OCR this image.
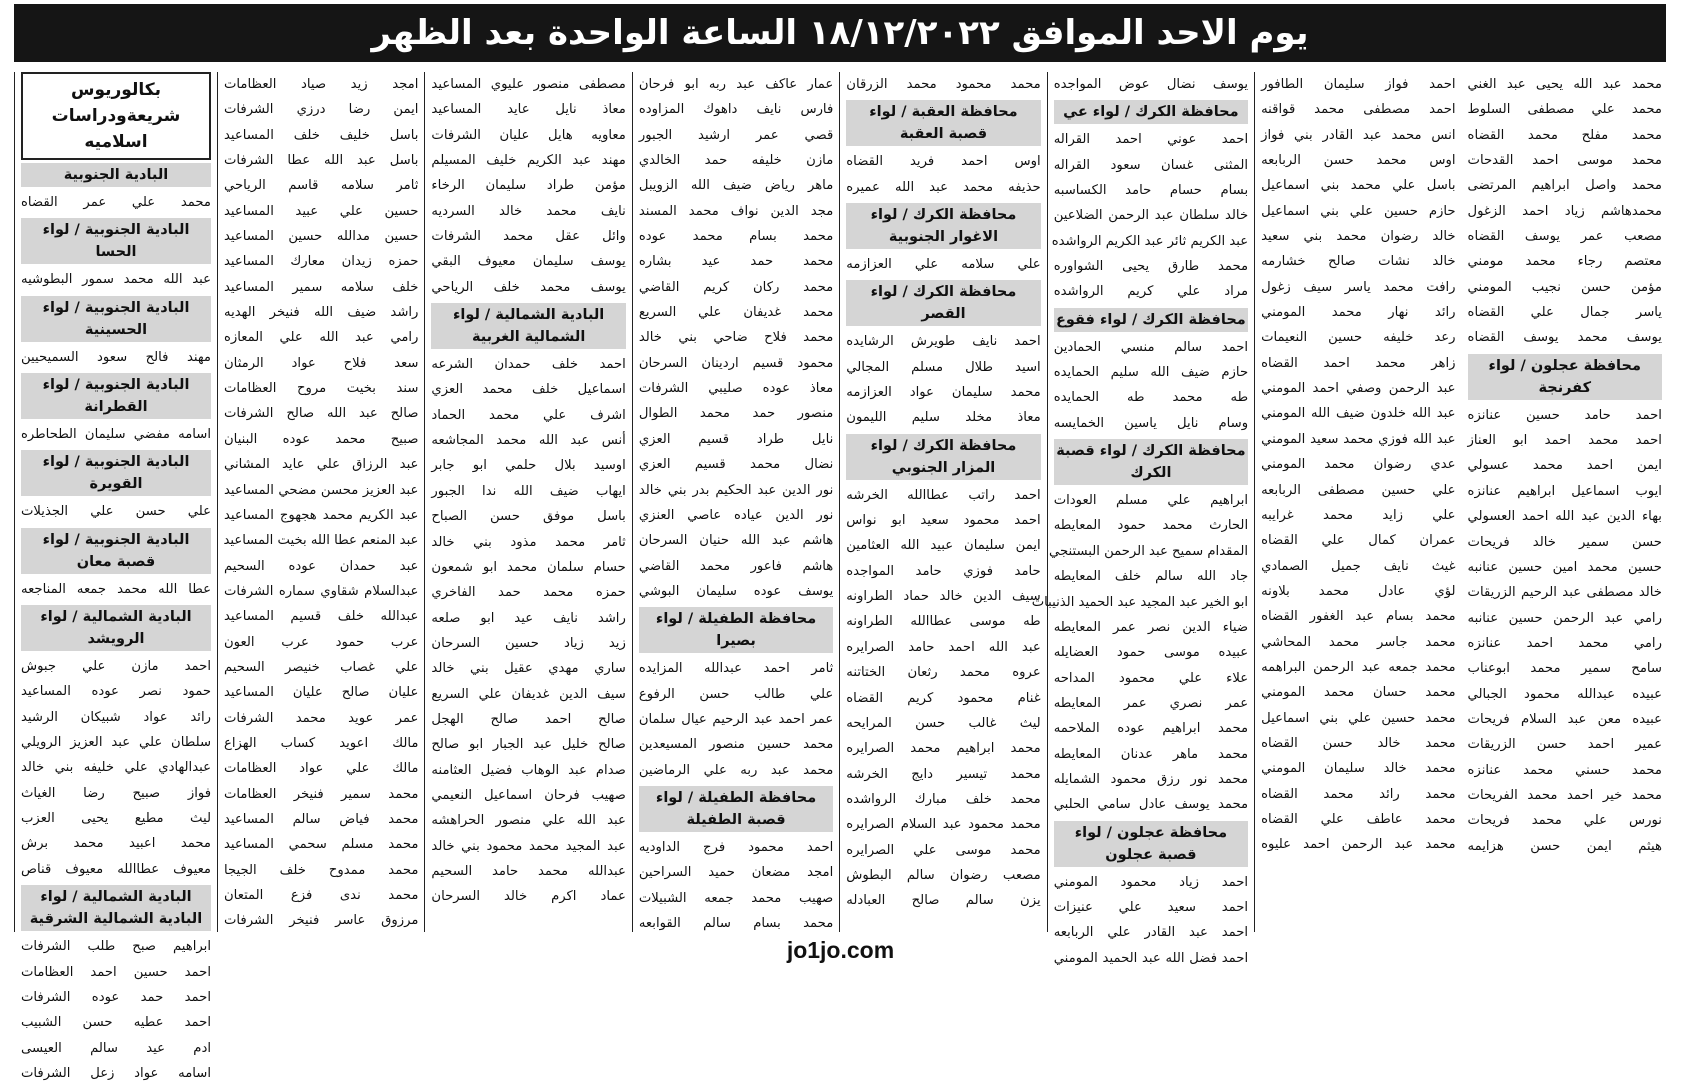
يوم الاحد الموافق ١٨/١٢/٢٠٢٢ الساعة الواحدة بعد الظهر
بكالوريوس شريعةودراسات اسلاميه
البادية الجنوبية
محمد علي عمر القضاه
البادية الجنوبية / لواء الحسا
عبد الله محمد سمور البطوشيه
البادية الجنوبية / لواء الحسينية
مهند فالح سعود السميحيين
البادية الجنوبية / لواء القطرانة
اسامه مفضي سليمان الطحاطره
البادية الجنوبية / لواء القويرة
علي حسن علي الجذيلات
البادية الجنوبية / لواء قصبة معان
عطا الله محمد جمعه المناجعه
البادية الشمالية / لواء الرويشد
احمد مازن علي جبوش
حمود نصر عوده المساعيد
رائد عواد شبيكان الرشيد
سلطان علي عبد العزيز الرويلي
عبدالهادي علي خليفه بني خالد
فواز صبيح رضا الغياث
ليث مطيع يحيى العزب
محمد اعبيد محمد برش
معيوف عطاالله معيوف قناص
البادية الشمالية / لواء البادية الشمالية الشرقية
ابراهيم صبح طلب الشرفات
احمد حسين احمد العظامات
احمد حمد عوده الشرفات
احمد عطيه حسن الشبيب
ادم عيد سالم العيسى
اسامه عواد زعل الشرفات
امجد زيد صياد العظامات
ايمن رضا درزي الشرفات
باسل خليف خلف المساعيد
باسل عبد الله عطا الشرفات
ثامر سلامه قاسم الرياحي
حسين علي عبيد المساعيد
حسين مدالله حسين المساعيد
حمزه زيدان معارك المساعيد
خلف سلامه سمير المساعيد
راشد ضيف الله فنيخر الهديه
رامي عبد الله علي المعازه
سعد فلاح عواد الرمثان
سند بخيت مروح العظامات
صالح عبد الله صالح الشرفات
صبيح محمد عوده البنيان
عبد الرزاق علي عايد المشاني
عبد العزيز محسن مضحي المساعيد
عبد الكريم محمد هجهوج المساعيد
عبد المنعم عطا الله بخيت المساعيد
عبد حمدان عوده السحيم
عبدالسلام شقاوي سماره الشرفات
عبدالله خلف قسيم المساعيد
عرب حمود عرب العون
علي غصاب خنيصر السحيم
عليان صالح عليان المساعيد
عمر عويد محمد الشرفات
مالك اعويد كساب الهزاع
مالك علي عواد العظامات
محمد سمير فنيخر العظامات
محمد فياض سالم المساعيد
محمد مسلم سحمي المساعيد
محمد ممدوح خلف الجيجا
محمد ندى فزع المتعان
مرزوق عاسر فنيخر الشرفات
مصطفى منصور عليوي المساعيد
معاذ نايل عايد المساعيد
معاويه هايل عليان الشرفات
مهند عبد الكريم خليف المسيلم
مؤمن طراد سليمان الرخاء
نايف محمد خالد السرديه
وائل عقل محمد الشرفات
يوسف سليمان معيوف البقي
يوسف محمد خلف الرياحي
البادية الشمالية / لواء الشمالية الغربية
احمد خلف حمدان الشرعه
اسماعيل خلف محمد العزي
اشرف علي محمد الحماد
أنس عبد الله محمد المجاشعه
اوسيد بلال حلمي ابو جابر
ايهاب ضيف الله ندا الجبور
باسل موفق حسن الصباح
ثامر محمد مذود بني خالد
حسام سلمان محمد ابو شمعون
حمزه محمد حمد الفاخري
راشد نايف عيد ابو صلعه
زيد زياد حسين السرحان
ساري مهدي عقيل بني خالد
سيف الدين غديفان علي السريع
صالح احمد صالح الهجل
صالح خليل عبد الجبار ابو صالح
صدام عبد الوهاب فضيل العثامنه
صهيب فرحان اسماعيل النعيمي
عبد الله علي منصور الحراهشه
عبد المجيد محمد محمود بني خالد
عبدالله محمد حامد السحيم
عماد اكرم خالد السرحان
عمار عاكف عبد ربه ابو فرحان
فارس نايف داهوك المزاوده
قصي عمر ارشيد الجبور
مازن خليفه حمد الخالدي
ماهر رياض ضيف الله الزويبل
مجد الدين نواف محمد المسند
محمد بسام محمد عوده
محمد حمد عيد بشاره
محمد ركان كريم القاضي
محمد غديفان علي السريع
محمد فلاح ضاحي بني خالد
محمود قسيم اردينان السرحان
معاذ عوده صليبي الشرفات
منصور حمد محمد الطوال
نايل طراد قسيم العزي
نضال محمد قسيم العزي
نور الدين عبد الحكيم بدر بني خالد
نور الدين عياده عاصي العنزي
هاشم عبد الله حنيان السرحان
هاشم فاعور محمد القاضي
يوسف عوده سليمان البوشي
محافظة الطفيلة / لواء بصيرا
ثامر احمد عبدالله المزايده
علي طالب حسن الرفوع
عمر احمد عبد الرحيم عيال سلمان
محمد حسين منصور المسيعدين
محمد عبد ربه علي الرماضين
محافظة الطفيلة / لواء قصبة الطفيلة
احمد محمود فرج الداوديه
امجد مضعان حميد السراحين
صهيب محمد جمعه الشبيلات
محمد بسام سالم القوابعه
محمد محمود محمد الزرقان
محافظة العقبة / لواء قصبة العقبة
اوس احمد فريد القضاه
حذيفه محمد عبد الله عميره
محافظة الكرك / لواء الاغوار الجنوبية
علي سلامه علي العزازمه
محافظة الكرك / لواء القصر
احمد نايف طويرش الرشايده
اسيد طلال مسلم المجالي
محمد سليمان عواد العزازمه
معاذ مخلد سليم الليمون
محافظة الكرك / لواء المزار الجنوبي
احمد راتب عطاالله الخرشه
احمد محمود سعيد ابو نواس
ايمن سليمان عبيد الله العثامين
حامد فوزي حامد المواجده
سيف الدين خالد حماد الطراونه
طه موسى عطاالله الطراونه
عبد الله احمد حامد الصرايره
عروه محمد رثعان الختاتنه
غنام محمود كريم القضاه
ليث غالب حسن المرايحه
محمد ابراهيم محمد الصرايره
محمد تيسير دايج الخرشه
محمد خلف مبارك الرواشده
محمد محمود عبد السلام الصرايره
محمد موسى علي الصرايره
مصعب رضوان سالم البطوش
يزن سالم صالح العبادله
يوسف نضال عوض المواجده
محافظة الكرك / لواء عي
احمد عوني احمد القراله
المثنى غسان سعود القراله
بسام حسام حامد الكساسبه
خالد سلطان عبد الرحمن الضلاعين
عبد الكريم ثائر عبد الكريم الرواشده
محمد طارق يحيى الشواوره
مراد علي كريم الرواشده
محافظة الكرك / لواء فقوع
احمد سالم منسي الحمادين
حازم ضيف الله سليم الحمايده
طه محمد طه الحمايده
وسام نايل ياسين الخمايسه
محافظة الكرك / لواء قصبة الكرك
ابراهيم علي مسلم العودات
الحارث محمد حمود المعايطه
المقدام سميح عبد الرحمن البستنجي
جاد الله سالم خلف المعايطه
ابو الخير عبد المجيد عبد الحميد الذنيبات
ضياء الدين نصر عمر المعايطه
عبيده موسى حمود العضايله
علاء علي محمود المداحه
عمر نصري عمر المعايطه
محمد ابراهيم عوده الملاحمه
محمد ماهر عدنان المعايطه
محمد نور رزق محمود الشمايله
محمد يوسف عادل سامي الحلبي
محافظة عجلون / لواء قصبة عجلون
احمد زياد محمود المومني
احمد سعيد علي عنيزات
احمد عبد القادر علي الربابعه
احمد فضل الله عبد الحميد المومني
احمد فواز سليمان الطافور
احمد مصطفى محمد قواقنه
انس محمد عبد القادر بني فواز
اوس محمد حسن الربابعه
باسل علي محمد بني اسماعيل
حازم حسين علي بني اسماعيل
خالد رضوان محمد بني سعيد
خالد نشات صالح خشارمه
رافت محمد ياسر سيف زغول
رائد نهار محمد المومني
رعد خليفه حسين النعيمات
زاهر محمد احمد القضاه
عبد الرحمن وصفي احمد المومني
عبد الله خلدون ضيف الله المومني
عبد الله فوزي محمد سعيد المومني
عدي رضوان محمد المومني
علي حسين مصطفى الربابعه
علي زايد محمد غرايبه
عمران كمال علي القضاه
غيث نايف جميل الصمادي
لؤي عادل محمد بلاونه
محمد بسام عبد الغفور القضاه
محمد جاسر محمد المحاشي
محمد جمعه عبد الرحمن البراهمه
محمد حسان محمد المومني
محمد حسين علي بني اسماعيل
محمد خالد حسن القضاه
محمد خالد سليمان المومني
محمد رائد محمد القضاه
محمد عاطف علي القضاه
محمد عبد الرحمن احمد عليوه
محمد عبد الله يحيى عبد الغني
محمد علي مصطفى السلوط
محمد مفلح محمد القضاه
محمد موسى احمد القدحات
محمد واصل ابراهيم المرتضى
محمدهاشم زياد احمد الزغول
مصعب عمر يوسف القضاه
معتصم رجاء محمد مومني
مؤمن حسن نجيب المومني
ياسر جمال علي القضاه
يوسف محمد يوسف القضاه
محافظة عجلون / لواء كفرنجة
احمد حامد حسين عنانزه
احمد محمد احمد ابو العناز
ايمن احمد محمد عسولي
ايوب اسماعيل ابراهيم عنانزه
بهاء الدين عبد الله احمد العسولي
حسن سمير خالد فريحات
حسين محمد امين حسين عنانبه
خالد مصطفى عبد الرحيم الزريقات
رامي عبد الرحمن حسين عنانبه
رامي محمد احمد عنانزه
سامح سمير محمد ابوعناب
عبيده عبدالله محمود الجبالي
عبيده معن عبد السلام فريحات
عمير احمد حسن الزريقات
محمد حسني محمد عنانزه
محمد خير احمد محمد الفريحات
نورس علي محمد فريحات
هيثم ايمن حسن هزايمه
jo1jo.com
